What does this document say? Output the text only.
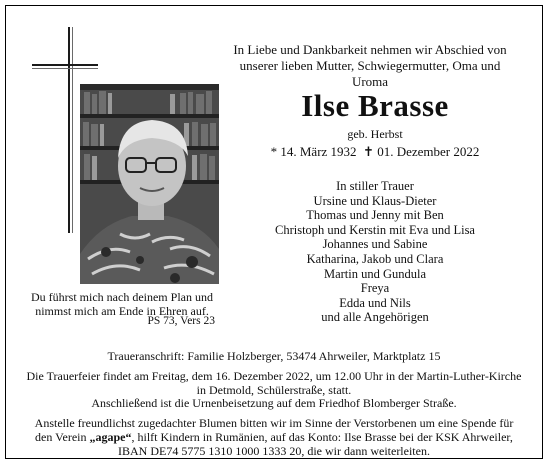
In Liebe und Dankbarkeit nehmen wir Abschied von
unserer lieben Mutter, Schwiegermutter, Oma und Uroma
Ilse Brasse
geb. Herbst
* 14. März 1932 ✝ 01. Dezember 2022
In stiller Trauer
Ursine und Klaus-Dieter
Thomas und Jenny mit Ben
Christoph und Kerstin mit Eva und Lisa
Johannes und Sabine
Katharina, Jakob und Clara
Martin und Gundula
Freya
Edda und Nils
und alle Angehörigen
Du führst mich nach deinem Plan und
nimmst mich am Ende in Ehren auf.
PS 73, Vers 23
Traueranschrift: Familie Holzberger, 53474 Ahrweiler, Marktplatz 15
Die Trauerfeier findet am Freitag, dem 16. Dezember 2022, um 12.00 Uhr in der Martin-Luther-Kirche
in Detmold, Schülerstraße, statt.
Anschließend ist die Urnenbeisetzung auf dem Friedhof Blomberger Straße.
Anstelle freundlichst zugedachter Blumen bitten wir im Sinne der Verstorbenen um eine Spende für
den Verein „agape“, hilft Kindern in Rumänien, auf das Konto: Ilse Brasse bei der KSK Ahrweiler,
IBAN DE74 5775 1310 1000 1333 20, die wir dann weiterleiten.
